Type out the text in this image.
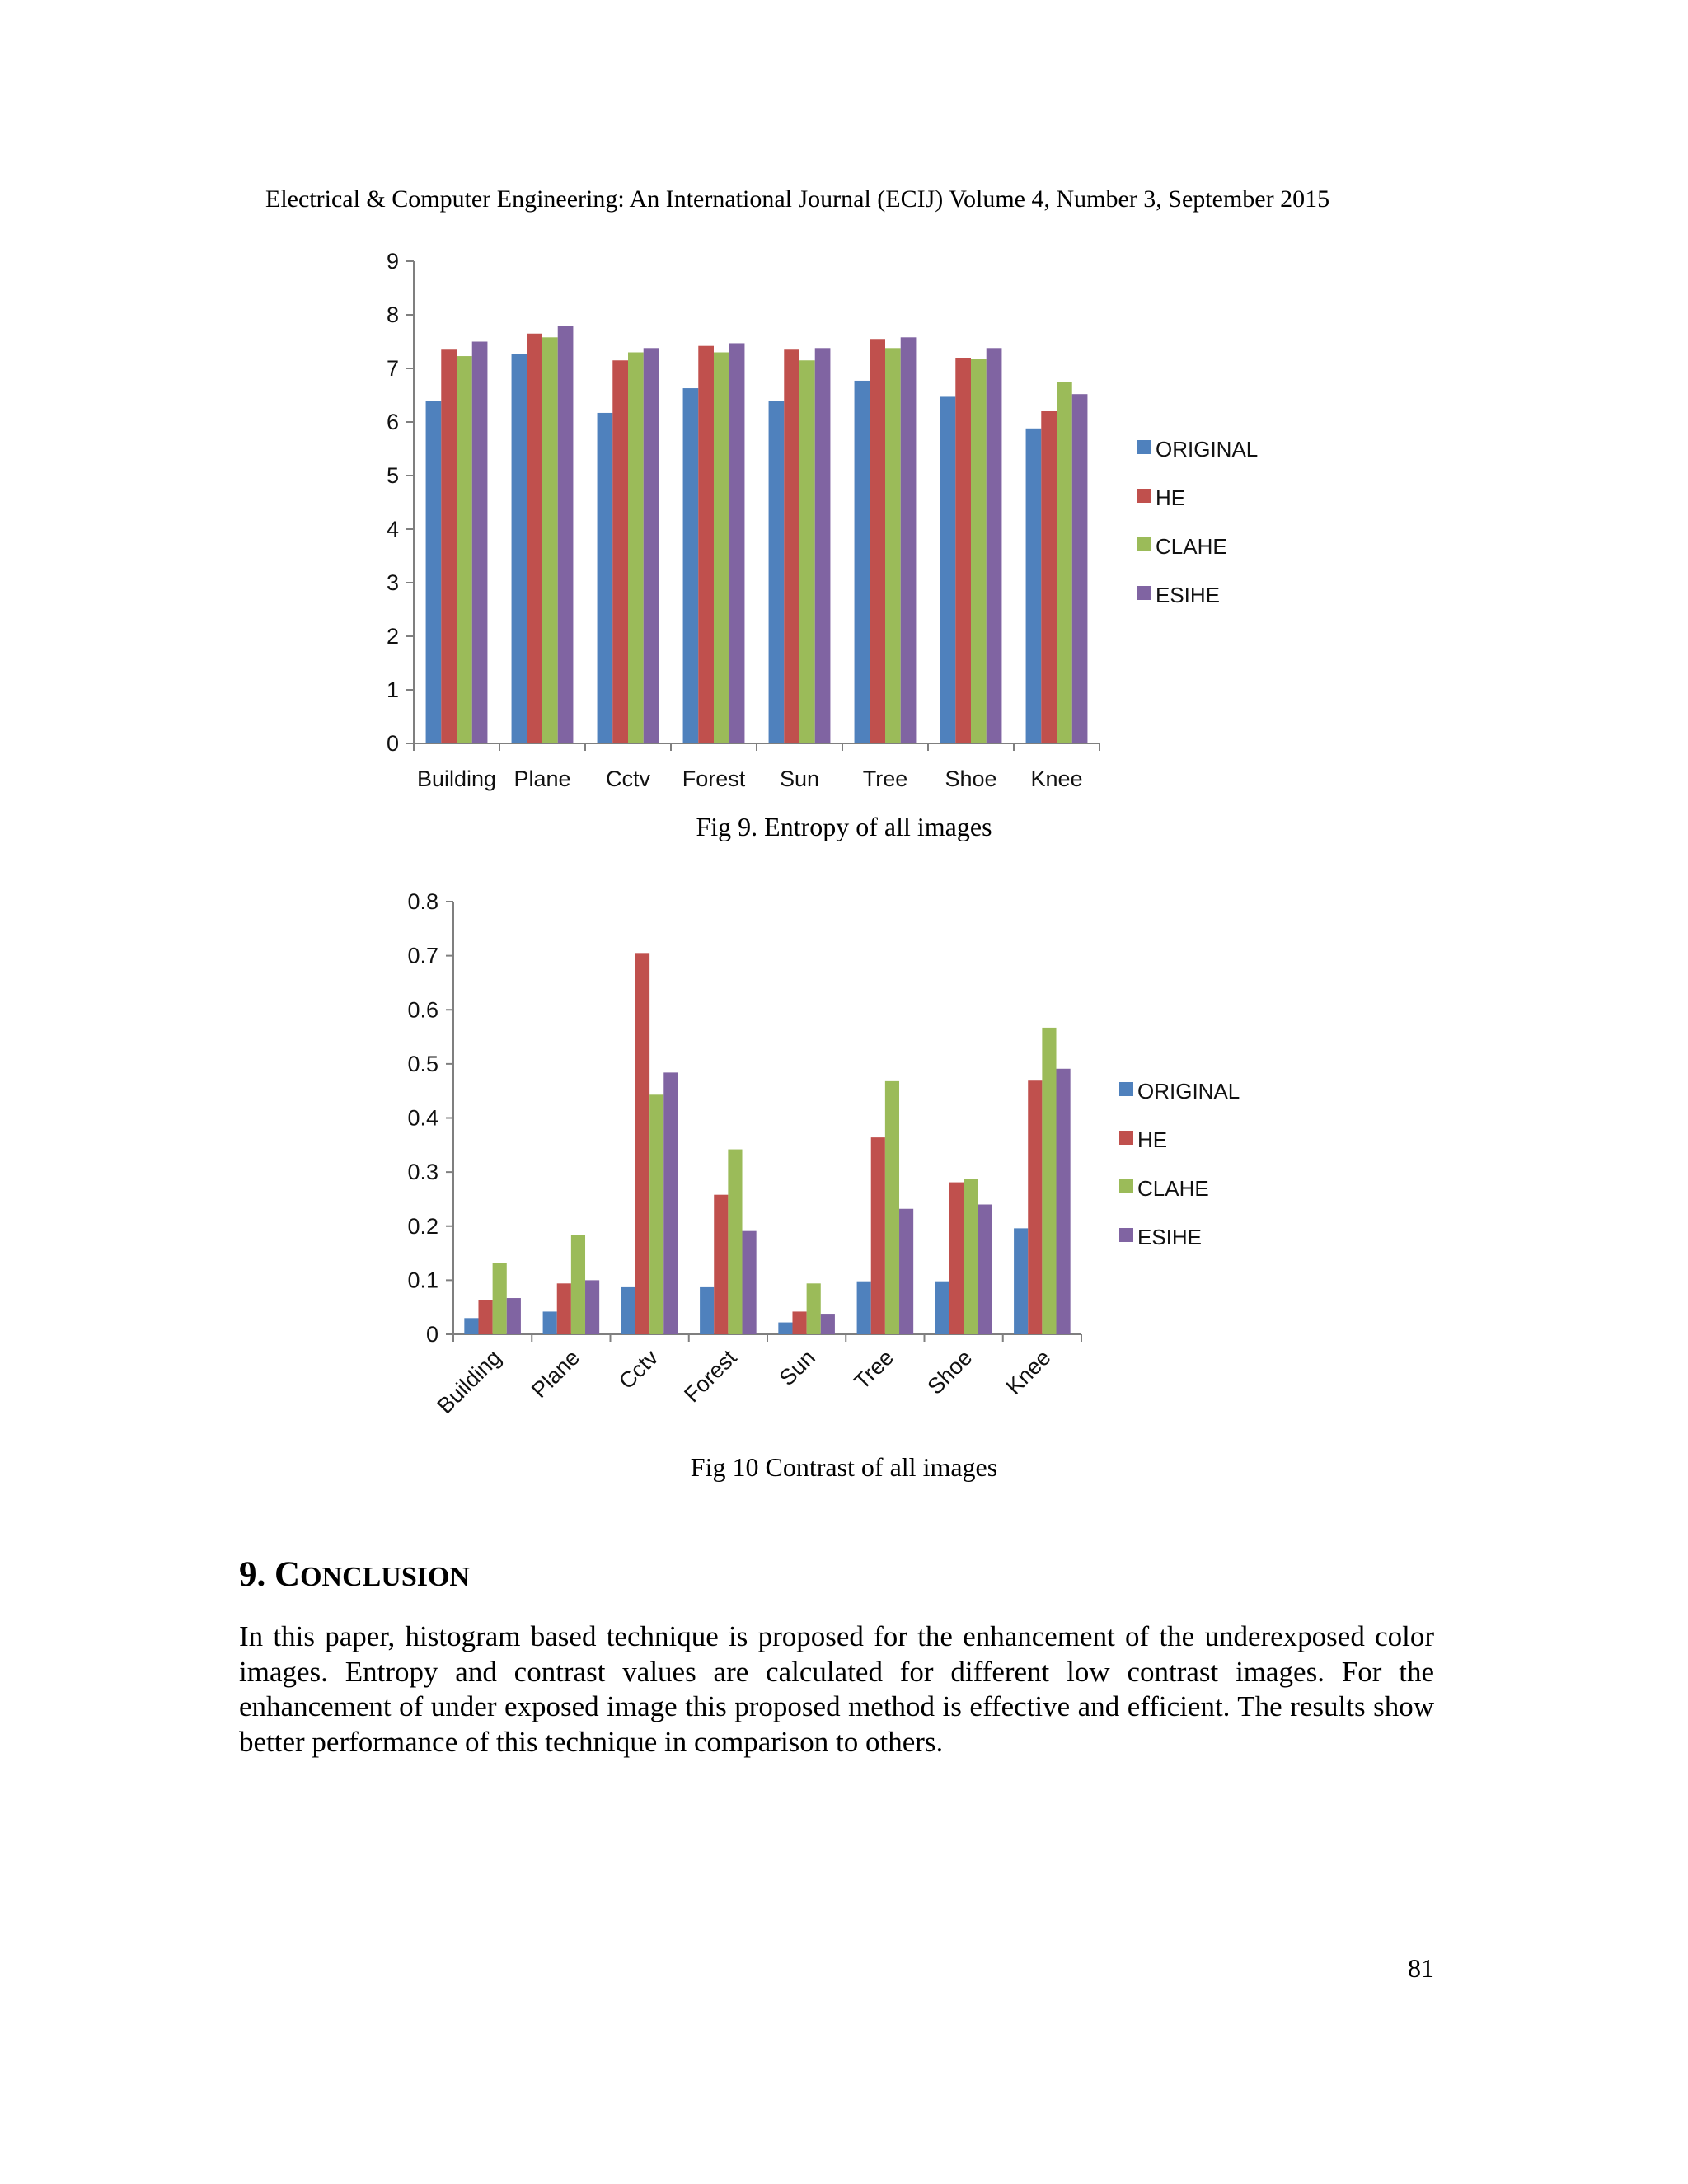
Electrical & Computer Engineering: An International Journal (ECIJ) Volume 4, Number 3, September 2015
0
1
2
3
4
5
6
7
8
9
Building Plane Cctv Forest Sun Tree Shoe Knee
ORIGINAL
HE
CLAHE
ESIHE
Fig 9. Entropy of all images
0
0.1
0.2
0.3
0.4
0.5
0.6
0.7
0.8
Building Plane Cctv Forest Sun Tree Shoe Knee
ORIGINAL
HE
CLAHE
ESIHE
Fig 10 Contrast of all images
9. CONCLUSION
In this paper, histogram based technique is proposed for the enhancement of the underexposed color images. Entropy and contrast values are calculated for different low contrast images. For the enhancement of under exposed image this proposed method is effective and efficient. The results show better performance of this technique in comparison to others.
81
